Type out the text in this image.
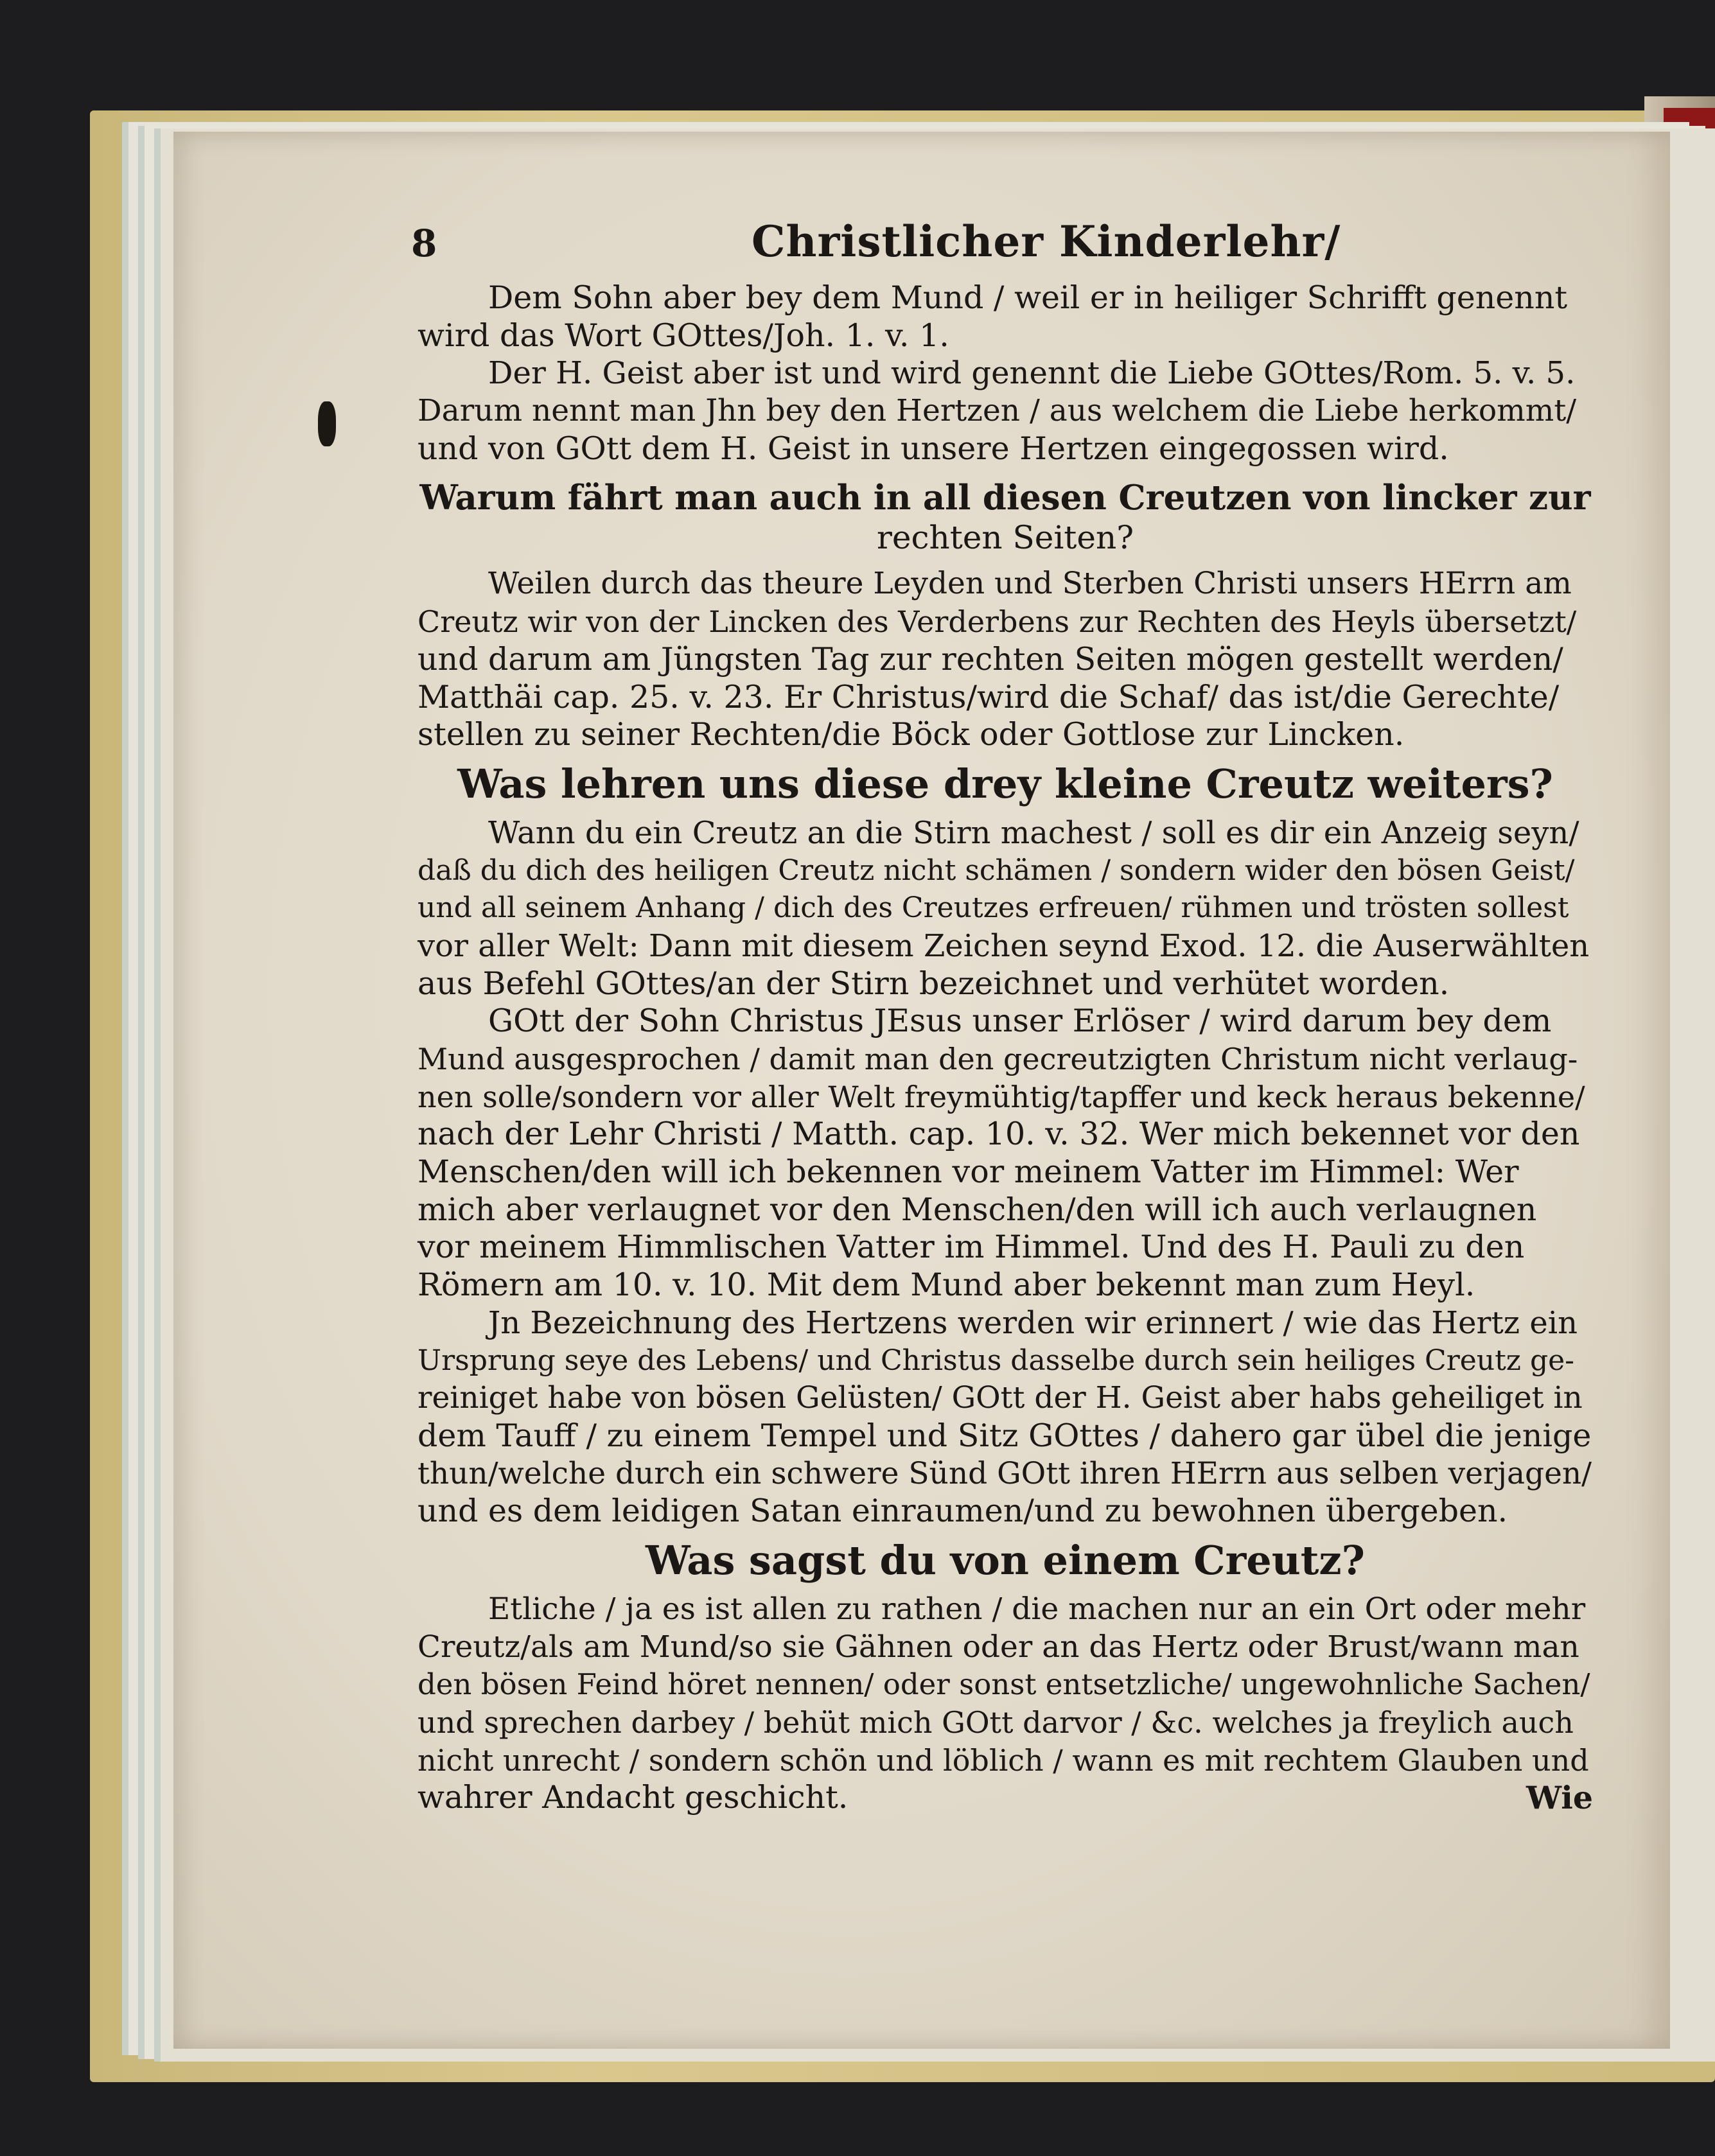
8	Christlicher Kinderlehr/
Dem Sohn aber bey dem Mund / weil er in heiliger Schrifft genennt
wird das Wort GOttes/Joh. 1. v. 1.
Der H. Geist aber ist und wird genennt die Liebe GOttes/Rom. 5. v. 5.
Darum nennt man Jhn bey den Hertzen / aus welchem die Liebe herkommt/
und von GOtt dem H. Geist in unsere Hertzen eingegossen wird.
Warum fährt man auch in all diesen Creutzen von lincker zur
rechten Seiten?
Weilen durch das theure Leyden und Sterben Christi unsers HErrn am
Creutz wir von der Lincken des Verderbens zur Rechten des Heyls übersetzt/
und darum am Jüngsten Tag zur rechten Seiten mögen gestellt werden/
Matthäi cap. 25. v. 23. Er Christus/wird die Schaf/ das ist/die Gerechte/
stellen zu seiner Rechten/die Böck oder Gottlose zur Lincken.
Was lehren uns diese drey kleine Creutz weiters?
Wann du ein Creutz an die Stirn machest / soll es dir ein Anzeig seyn/
daß du dich des heiligen Creutz nicht schämen / sondern wider den bösen Geist/
und all seinem Anhang / dich des Creutzes erfreuen/ rühmen und trösten sollest
vor aller Welt: Dann mit diesem Zeichen seynd Exod. 12. die Auserwählten
aus Befehl GOttes/an der Stirn bezeichnet und verhütet worden.
GOtt der Sohn Christus JEsus unser Erlöser / wird darum bey dem
Mund ausgesprochen / damit man den gecreutzigten Christum nicht verlaug-
nen solle/sondern vor aller Welt freymühtig/tapffer und keck heraus bekenne/
nach der Lehr Christi / Matth. cap. 10. v. 32. Wer mich bekennet vor den
Menschen/den will ich bekennen vor meinem Vatter im Himmel: Wer
mich aber verlaugnet vor den Menschen/den will ich auch verlaugnen
vor meinem Himmlischen Vatter im Himmel. Und des H. Pauli zu den
Römern am 10. v. 10. Mit dem Mund aber bekennt man zum Heyl.
Jn Bezeichnung des Hertzens werden wir erinnert / wie das Hertz ein
Ursprung seye des Lebens/ und Christus dasselbe durch sein heiliges Creutz ge-
reiniget habe von bösen Gelüsten/ GOtt der H. Geist aber habs geheiliget in
dem Tauff / zu einem Tempel und Sitz GOttes / dahero gar übel die jenige
thun/welche durch ein schwere Sünd GOtt ihren HErrn aus selben verjagen/
und es dem leidigen Satan einraumen/und zu bewohnen übergeben.
Was sagst du von einem Creutz?
Etliche / ja es ist allen zu rathen / die machen nur an ein Ort oder mehr
Creutz/als am Mund/so sie Gähnen oder an das Hertz oder Brust/wann man
den bösen Feind höret nennen/ oder sonst entsetzliche/ ungewohnliche Sachen/
und sprechen darbey / behüt mich GOtt darvor / &c. welches ja freylich auch
nicht unrecht / sondern schön und löblich / wann es mit rechtem Glauben und
wahrer Andacht geschicht.	Wie
